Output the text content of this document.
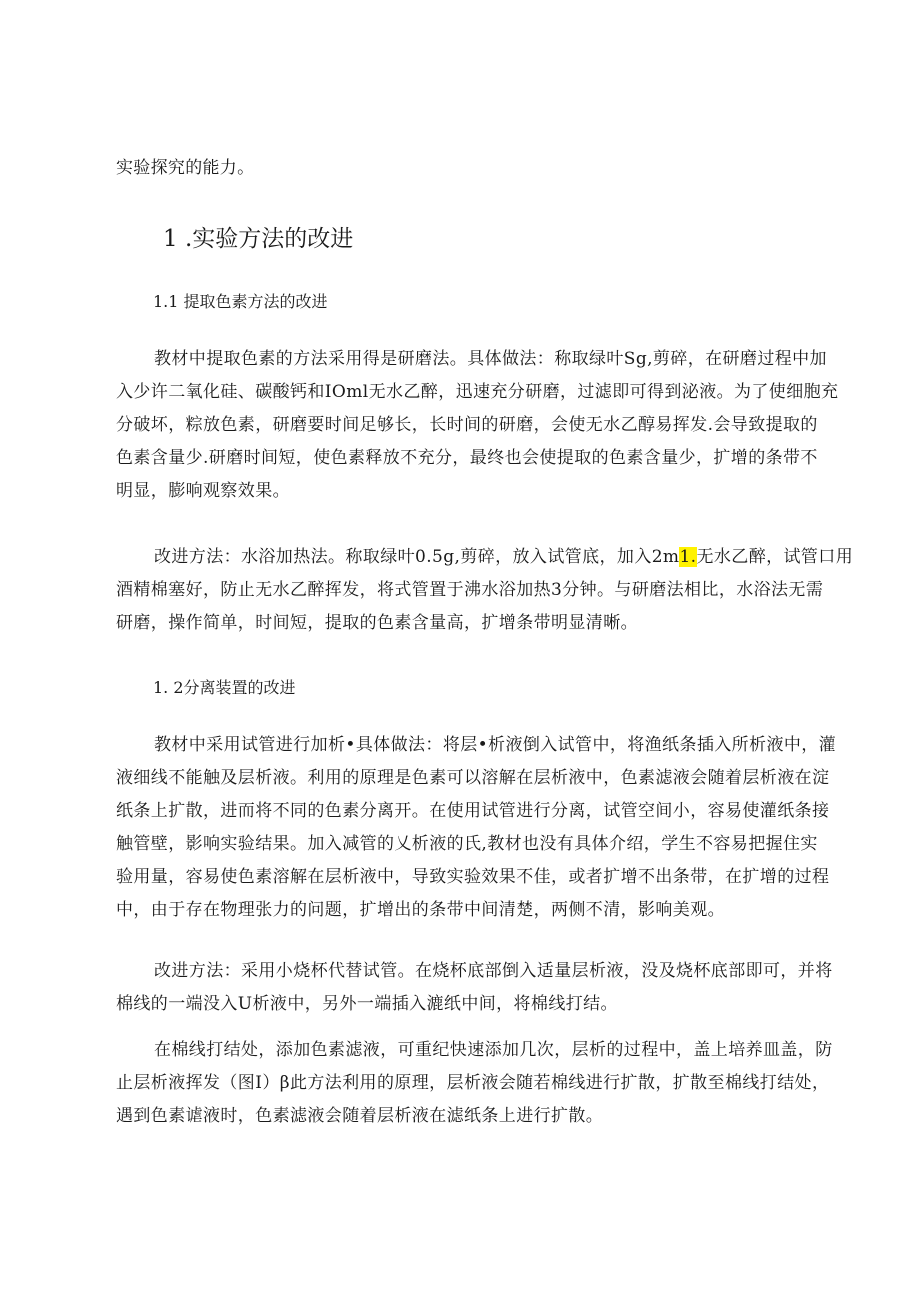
实验探究的能力。
1 .实验方法的改进
1.1 提取色素方法的改进
教材中提取色素的方法采用得是研磨法。具体做法：称取绿叶Sg,剪碎，在研磨过程中加
入少许二氧化硅、碳酸钙和IOml无水乙醉，迅速充分研磨，过滤即可得到泌液。为了使细胞充
分破坏，粽放色素，研磨要时间足够长，长时间的研磨，会使无水乙醇易挥发.会导致提取的
色素含量少.研磨时间短，使色素释放不充分，最终也会使提取的色素含量少，扩增的条带不
明显，膨响观察效果。
改进方法：水浴加热法。称取绿叶0.5g,剪碎，放入试管底，加入2m1.无水乙醉，试管口用
酒精棉塞好，防止无水乙醉挥发，将式管置于沸水浴加热3分钟。与研磨法相比，水浴法无需
研磨，操作简单，时间短，提取的色素含量高，扩增条带明显清晰。
1. 2分离装置的改进
教材中采用试管进行加析•具体做法：将层•析液倒入试管中，将渔纸条插入所析液中，灌
液细线不能触及层析液。利用的原理是色素可以溶解在层析液中，色素滤液会随着层析液在淀
纸条上扩散，进而将不同的色素分离开。在使用试管进行分离，试管空间小，容易使灌纸条接
触管壁，影响实验结果。加入减管的乂析液的氏,教材也没有具体介绍，学生不容易把握住实
验用量，容易使色素溶解在层析液中，导致实验效果不佳，或者扩增不出条带，在扩增的过程
中，由于存在物理张力的问题，扩增出的条带中间清楚，两侧不清，影响美观。
改进方法：采用小烧杯代替试管。在烧杯底部倒入适量层析液，没及烧杯底部即可，并将
棉线的一端没入U析液中，另外一端插入漉纸中间，将棉线打结。
在棉线打结处，添加色素滤液，可重纪快速添加几次，层析的过程中，盖上培养皿盖，防
止层析液挥发（图I）β此方法利用的原理，层析液会随若棉线进行扩散，扩散至棉线打结处，
遇到色素谑液时，色素滤液会随着层析液在滤纸条上进行扩散。
